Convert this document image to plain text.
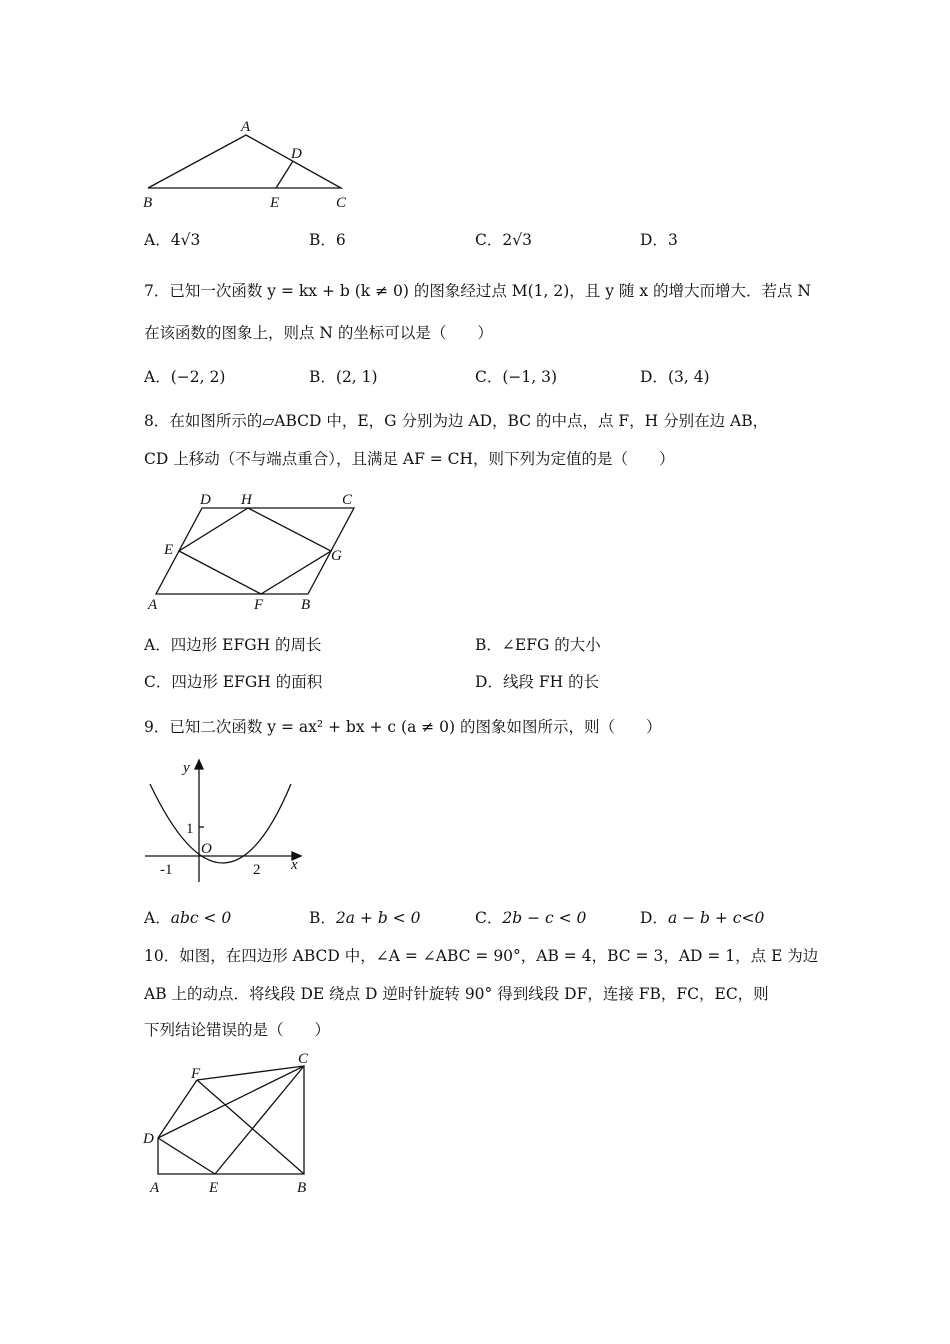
A
D
B	E	C
A．4√3	B．6	C．2√3	D．3
7．已知一次函数 y = kx + b (k ≠ 0) 的图象经过点 M(1, 2)，且 y 随 x 的增大而增大．若点 N
在该函数的图象上，则点 N 的坐标可以是（　　）
A．(−2, 2)	B．(2, 1)	C．(−1, 3)	D．(3, 4)
8．在如图所示的▱ABCD 中，E，G 分别为边 AD，BC 的中点，点 F，H 分别在边 AB，
CD 上移动（不与端点重合），且满足 AF = CH，则下列为定值的是（　　）
D H	C
E	G
A	F	B
A．四边形 EFGH 的周长	B．∠EFG 的大小
C．四边形 EFGH 的面积	D．线段 FH 的长
9．已知二次函数 y = ax² + bx + c (a ≠ 0) 的图象如图所示，则（　　）
y
1
O
-1	2 x
A．abc < 0	B．2a + b < 0	C．2b − c < 0	D．a − b + c<0
10．如图，在四边形 ABCD 中，∠A = ∠ABC = 90°，AB = 4，BC = 3，AD = 1，点 E 为边
AB 上的动点．将线段 DE 绕点 D 逆时针旋转 90° 得到线段 DF，连接 FB，FC，EC，则
下列结论错误的是（　　）
F
C
D
A	E	B
